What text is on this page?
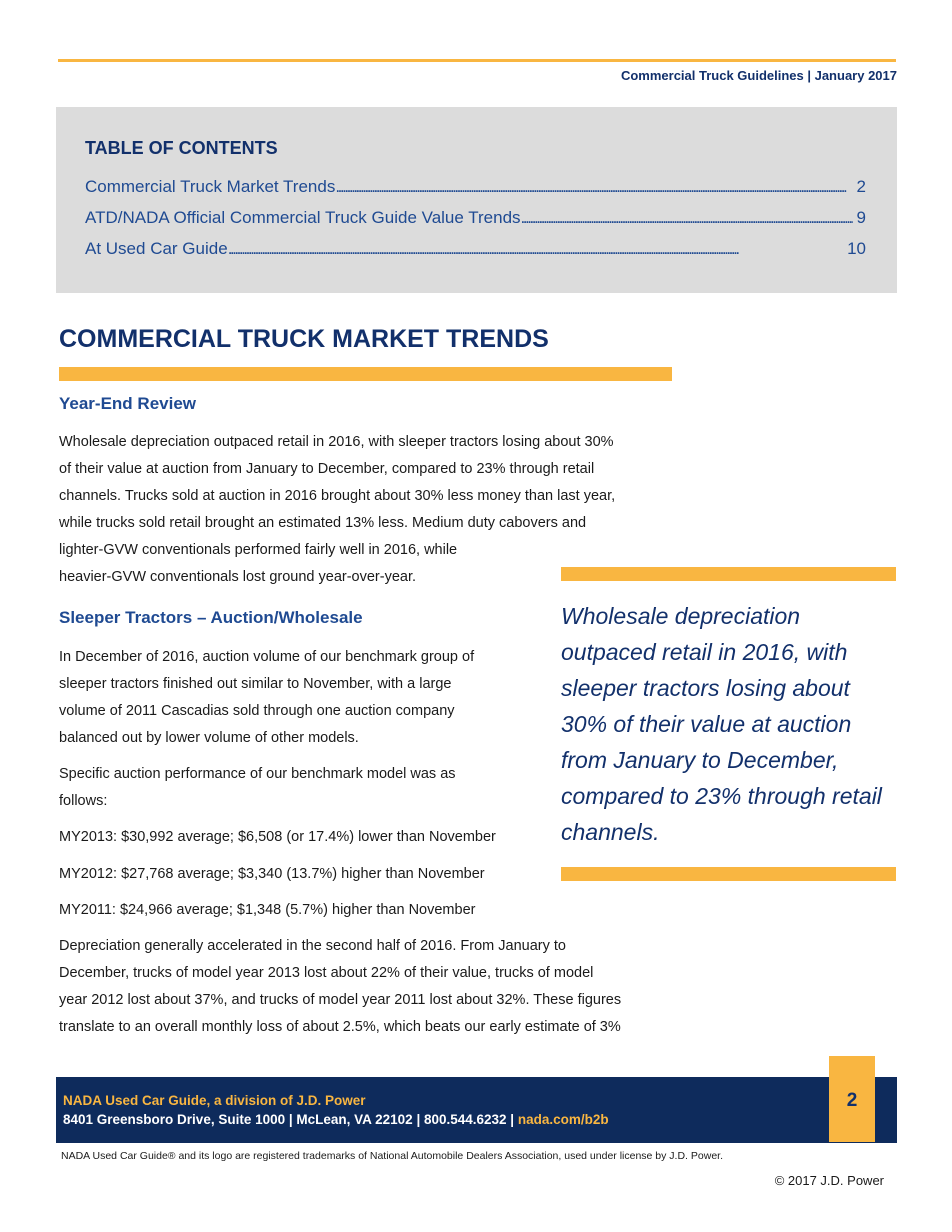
Commercial Truck Guidelines | January 2017
TABLE OF CONTENTS
Commercial Truck Market Trends . . .	2
ATD/NADA Official Commercial Truck Guide Value Trends . . .	9
At Used Car Guide . . .	10
COMMERCIAL TRUCK MARKET TRENDS
Year-End Review
Wholesale depreciation outpaced retail in 2016, with sleeper tractors losing about 30%
of their value at auction from January to December, compared to 23% through retail
channels. Trucks sold at auction in 2016 brought about 30% less money than last year,
while trucks sold retail brought an estimated 13% less. Medium duty cabovers and
lighter-GVW conventionals performed fairly well in 2016, while
heavier-GVW conventionals lost ground year-over-year.
Sleeper Tractors – Auction/Wholesale
In December of 2016, auction volume of our benchmark group of
sleeper tractors finished out similar to November, with a large
volume of 2011 Cascadias sold through one auction company
balanced out by lower volume of other models.
Specific auction performance of our benchmark model was as
follows:
MY2013: $30,992 average; $6,508 (or 17.4%) lower than November
MY2012: $27,768 average; $3,340 (13.7%) higher than November
MY2011: $24,966 average; $1,348 (5.7%) higher than November
Depreciation generally accelerated in the second half of 2016. From January to
December, trucks of model year 2013 lost about 22% of their value, trucks of model
year 2012 lost about 37%, and trucks of model year 2011 lost about 32%. These figures
translate to an overall monthly loss of about 2.5%, which beats our early estimate of 3%
Wholesale depreciation
outpaced retail in 2016, with
sleeper tractors losing about
30% of their value at auction
from January to December,
compared to 23% through retail
channels.
NADA Used Car Guide, a division of J.D. Power
8401 Greensboro Drive, Suite 1000 | McLean, VA 22102 | 800.544.6232 | nada.com/b2b
2
NADA Used Car Guide® and its logo are registered trademarks of National Automobile Dealers Association, used under license by J.D. Power.
© 2017 J.D. Power
